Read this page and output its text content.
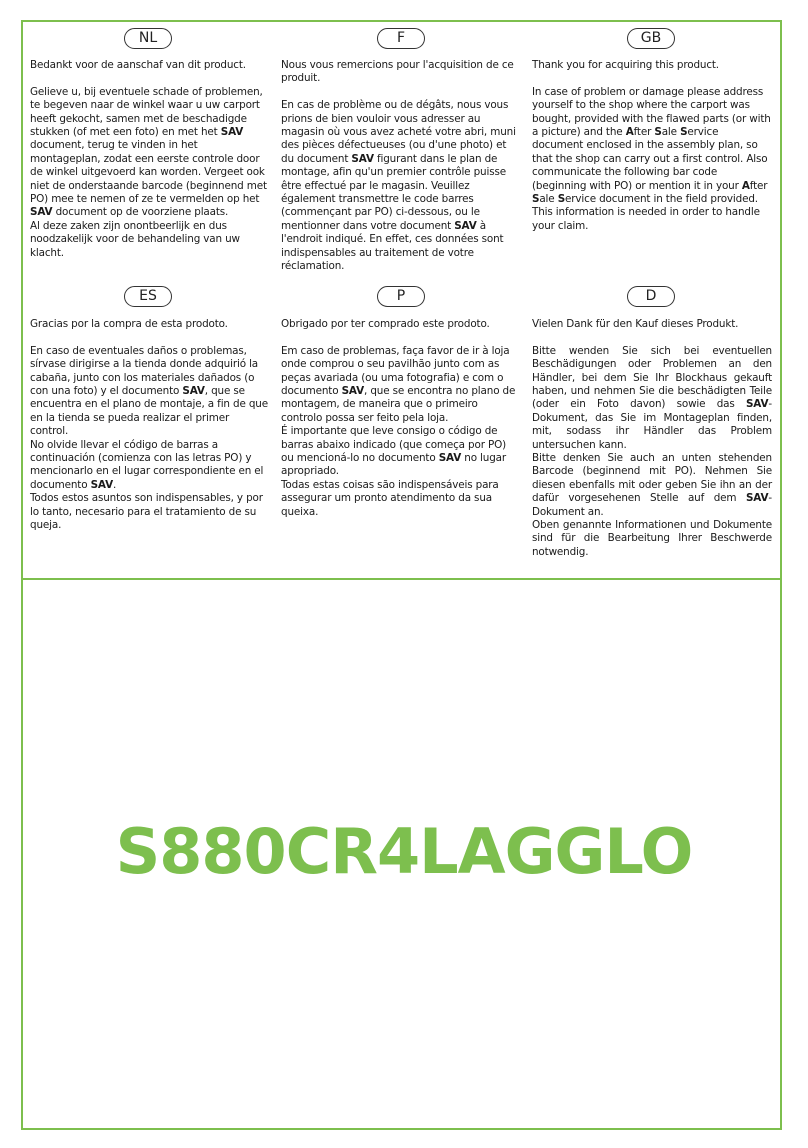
NL	F	GB
ES	P	D

Bedankt voor de aanschaf van dit product.

Gelieve u, bij eventuele schade of problemen, te begeven naar de winkel waar u uw carport heeft gekocht, samen met de beschadigde stukken (of met een foto) en met het SAV document, terug te vinden in het montageplan, zodat een eerste controle door de winkel uitgevoerd kan worden. Vergeet ook niet de onderstaande barcode (beginnend met PO) mee te nemen of ze te vermelden op het SAV document op de voorziene plaats.

Al deze zaken zijn onontbeerlijk en dus noodzakelijk voor de behandeling van uw klacht.

Nous vous remercions pour l'acquisition de ce produit.

En cas de problème ou de dégâts, nous vous prions de bien vouloir vous adresser au magasin où vous avez acheté votre abri, muni des pièces défectueuses (ou d'une photo) et du document SAV figurant dans le plan de montage, afin qu'un premier contrôle puisse être effectué par le magasin. Veuillez également transmettre le code barres (commençant par PO) ci-dessous, ou le mentionner dans votre document SAV à l'endroit indiqué. En effet, ces données sont indispensables au traitement de votre réclamation.

Thank you for acquiring this product.

In case of problem or damage please address yourself to the shop where the carport was bought, provided with the flawed parts (or with a picture) and the After Sale Service document enclosed in the assembly plan, so that the shop can carry out a first control. Also communicate the following bar code (beginning with PO) or mention it in your After Sale Service document in the field provided. This information is needed in order to handle your claim.

Gracias por la compra de esta prodoto.

En caso de eventuales daños o problemas, sírvase dirigirse a la tienda donde adquirió la cabaña, junto con los materiales dañados (o con una foto) y el documento SAV, que se encuentra en el plano de montaje, a fin de que en la tienda se pueda realizar el primer control.

No olvide llevar el código de barras a continuación (comienza con las letras PO) y mencionarlo en el lugar correspondiente en el documento SAV.

Todos estos asuntos son indispensables, y por lo tanto, necesario para el tratamiento de su queja.

Obrigado por ter comprado este prodoto.

Em caso de problemas, faça favor de ir à loja onde comprou o seu pavilhão junto com as peças avariada (ou uma fotografia) e com o documento SAV, que se encontra no plano de montagem, de maneira que o primeiro controlo possa ser feito pela loja.

É importante que leve consigo o código de barras abaixo indicado (que começa por PO) ou mencioná-lo no documento SAV no lugar apropriado.

Todas estas coisas são indispensáveis para assegurar um pronto atendimento da sua queixa.

Vielen Dank für den Kauf dieses Produkt.

Bitte wenden Sie sich bei eventuellen Beschädigungen oder Problemen an den Händler, bei dem Sie Ihr Blockhaus gekauft haben, und nehmen Sie die beschädigten Teile (oder ein Foto davon) sowie das SAV-Dokument, das Sie im Montageplan finden, mit, sodass ihr Händler das Problem untersuchen kann.

Bitte denken Sie auch an unten stehenden Barcode (beginnend mit PO). Nehmen Sie diesen ebenfalls mit oder geben Sie ihn an der dafür vorgesehenen Stelle auf dem SAV-Dokument an.

Oben genannte Informationen und Dokumente sind für die Bearbeitung Ihrer Beschwerde notwendig.

S880CR4LAGGLO
